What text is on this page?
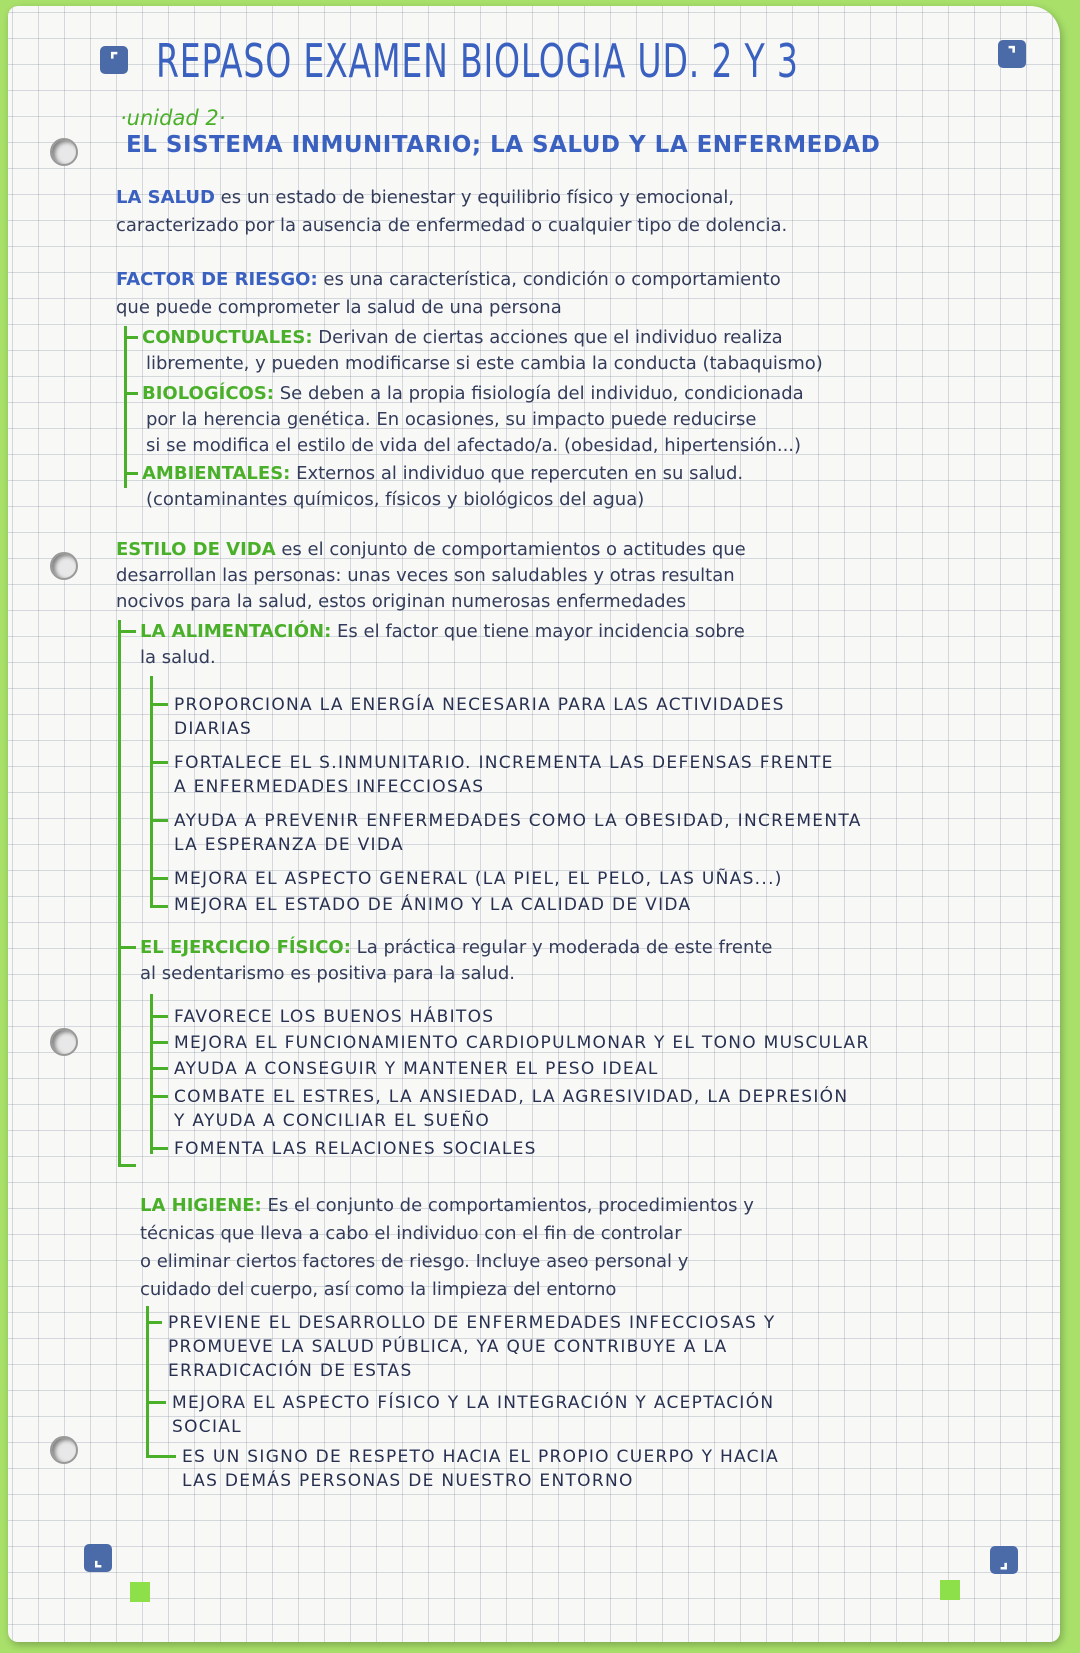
⌝
⌞	⌟
⌜ REPASO EXAMEN BIOLOGIA UD. 2 Y 3
·unidad 2·
EL SISTEMA INMUNITARIO; LA SALUD Y LA ENFERMEDAD
LA SALUD es un estado de bienestar y equilibrio físico y emocional,
caracterizado por la ausencia de enfermedad o cualquier tipo de dolencia.
FACTOR DE RIESGO: es una característica, condición o comportamiento
que puede comprometer la salud de una persona
CONDUCTUALES: Derivan de ciertas acciones que el individuo realiza
libremente, y pueden modificarse si este cambia la conducta (tabaquismo)
BIOLOGÍCOS: Se deben a la propia fisiología del individuo, condicionada
por la herencia genética. En ocasiones, su impacto puede reducirse
si se modifica el estilo de vida del afectado/a. (obesidad, hipertensión...)
AMBIENTALES: Externos al individuo que repercuten en su salud.
(contaminantes químicos, físicos y biológicos del agua)
ESTILO DE VIDA es el conjunto de comportamientos o actitudes que
desarrollan las personas: unas veces son saludables y otras resultan
nocivos para la salud, estos originan numerosas enfermedades
LA ALIMENTACIÓN: Es el factor que tiene mayor incidencia sobre
la salud.
PROPORCIONA LA ENERGÍA NECESARIA PARA LAS ACTIVIDADES
DIARIAS
FORTALECE EL S.INMUNITARIO. INCREMENTA LAS DEFENSAS FRENTE
A ENFERMEDADES INFECCIOSAS
AYUDA A PREVENIR ENFERMEDADES COMO LA OBESIDAD, INCREMENTA
LA ESPERANZA DE VIDA
MEJORA EL ASPECTO GENERAL (LA PIEL, EL PELO, LAS UÑAS...)
MEJORA EL ESTADO DE ÁNIMO Y LA CALIDAD DE VIDA
EL EJERCICIO FÍSICO: La práctica regular y moderada de este frente
al sedentarismo es positiva para la salud.
FAVORECE LOS BUENOS HÁBITOS
MEJORA EL FUNCIONAMIENTO CARDIOPULMONAR Y EL TONO MUSCULAR
AYUDA A CONSEGUIR Y MANTENER EL PESO IDEAL
COMBATE EL ESTRES, LA ANSIEDAD, LA AGRESIVIDAD, LA DEPRESIÓN
Y AYUDA A CONCILIAR EL SUEÑO
FOMENTA LAS RELACIONES SOCIALES
LA HIGIENE: Es el conjunto de comportamientos, procedimientos y
técnicas que lleva a cabo el individuo con el fin de controlar
o eliminar ciertos factores de riesgo. Incluye aseo personal y
cuidado del cuerpo, así como la limpieza del entorno
PREVIENE EL DESARROLLO DE ENFERMEDADES INFECCIOSAS Y
PROMUEVE LA SALUD PÚBLICA, YA QUE CONTRIBUYE A LA
ERRADICACIÓN DE ESTAS
MEJORA EL ASPECTO FÍSICO Y LA INTEGRACIÓN Y ACEPTACIÓN
SOCIAL
ES UN SIGNO DE RESPETO HACIA EL PROPIO CUERPO Y HACIA
LAS DEMÁS PERSONAS DE NUESTRO ENTORNO
